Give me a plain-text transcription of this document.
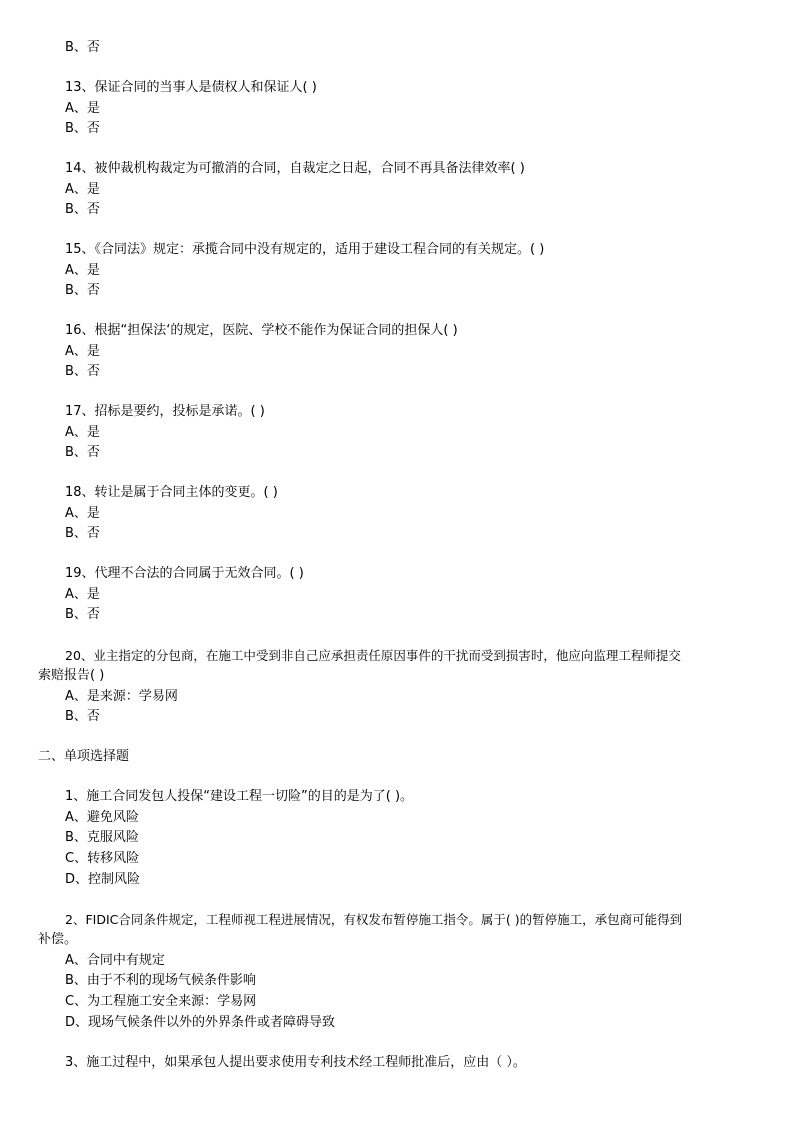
B、否
13、保证合同的当事人是债权人和保证人( )
A、是
B、否
14、被仲裁机构裁定为可撤消的合同，自裁定之日起，合同不再具备法律效率( )
A、是
B、否
15、《合同法》规定：承揽合同中没有规定的，适用于建设工程合同的有关规定。( )
A、是
B、否
16、根据“担保法‘的规定，医院、学校不能作为保证合同的担保人( )
A、是
B、否
17、招标是要约，投标是承诺。( )
A、是
B、否
18、转让是属于合同主体的变更。( )
A、是
B、否
19、代理不合法的合同属于无效合同。( )
A、是
B、否
20、业主指定的分包商，在施工中受到非自己应承担责任原因事件的干扰而受到损害时，他应向监理工程师提交
索赔报告( )
A、是来源：学易网
B、否
二、单项选择题
1、施工合同发包人投保“建设工程一切险”的目的是为了( )。
A、避免风险
B、克服风险
C、转移风险
D、控制风险
2、FIDIC合同条件规定，工程师视工程进展情况，有权发布暂停施工指令。属于( )的暂停施工，承包商可能得到
补偿。
A、合同中有规定
B、由于不利的现场气候条件影响
C、为工程施工安全来源：学易网
D、现场气候条件以外的外界条件或者障碍导致
3、施工过程中，如果承包人提出要求使用专利技术经工程师批准后，应由（ ）。
